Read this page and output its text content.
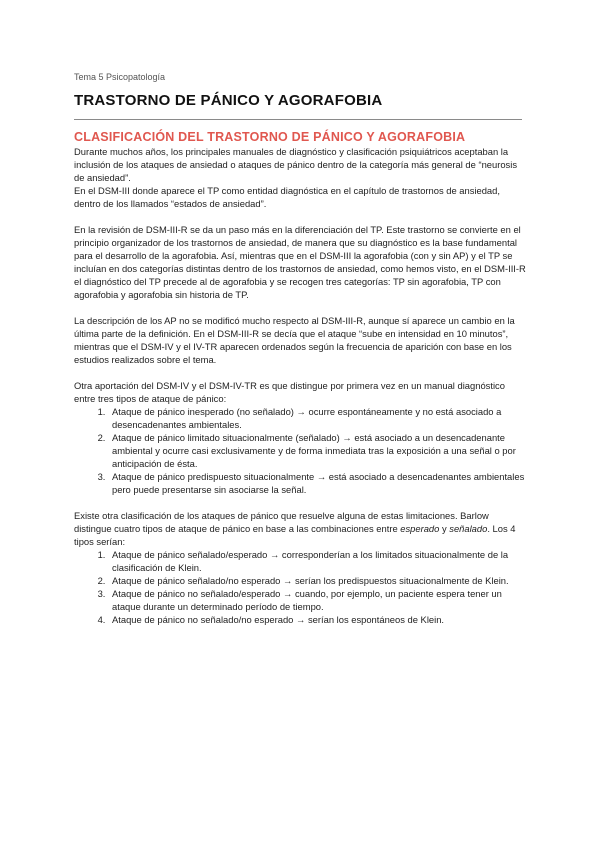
Tema 5 Psicopatología
TRASTORNO DE PÁNICO Y AGORAFOBIA
CLASIFICACIÓN DEL TRASTORNO DE PÁNICO Y AGORAFOBIA

Durante muchos años, los principales manuales de diagnóstico y clasificación psiquiátricos aceptaban la inclusión de los ataques de ansiedad o ataques de pánico dentro de la categoría más general de “neurosis de ansiedad”.

En el DSM-III donde aparece el TP como entidad diagnóstica en el capítulo de trastornos de ansiedad, dentro de los llamados “estados de ansiedad”.

En la revisión de DSM-III-R se da un paso más en la diferenciación del TP. Este trastorno se convierte en el principio organizador de los trastornos de ansiedad, de manera que su diagnóstico es la base fundamental para el desarrollo de la agorafobia. Así, mientras que en el DSM-III la agorafobia (con y sin AP) y el TP se incluían en dos categorías distintas dentro de los trastornos de ansiedad, como hemos visto, en el DSM-III-R el diagnóstico del TP precede al de agorafobia y se recogen tres categorías: TP sin agorafobia, TP con agorafobia y agorafobia sin historia de TP.

La descripción de los AP no se modificó mucho respecto al DSM-III-R, aunque sí aparece un cambio en la última parte de la definición. En el DSM-III-R se decía que el ataque “sube en intensidad en 10 minutos”, mientras que el DSM-IV y el IV-TR aparecen ordenados según la frecuencia de aparición con base en los estudios realizados sobre el tema.

Otra aportación del DSM-IV y el DSM-IV-TR es que distingue por primera vez en un manual diagnóstico entre tres tipos de ataque de pánico:

1. Ataque de pánico inesperado (no señalado) → ocurre espontáneamente y no está asociado a desencadenantes ambientales.
2. Ataque de pánico limitado situacionalmente (señalado) → está asociado a un desencadenante ambiental y ocurre casi exclusivamente y de forma inmediata tras la exposición a una señal o por anticipación de ésta.
3. Ataque de pánico predispuesto situacionalmente → está asociado a desencadenantes ambientales pero puede presentarse sin asociarse la señal.

Existe otra clasificación de los ataques de pánico que resuelve alguna de estas limitaciones. Barlow distingue cuatro tipos de ataque de pánico en base a las combinaciones entre esperado y señalado. Los 4 tipos serían:

1. Ataque de pánico señalado/esperado → corresponderían a los limitados situacionalmente de la clasificación de Klein.
2. Ataque de pánico señalado/no esperado → serían los predispuestos situacionalmente de Klein.
3. Ataque de pánico no señalado/esperado → cuando, por ejemplo, un paciente espera tener un ataque durante un determinado período de tiempo.
4. Ataque de pánico no señalado/no esperado → serían los espontáneos de Klein.
